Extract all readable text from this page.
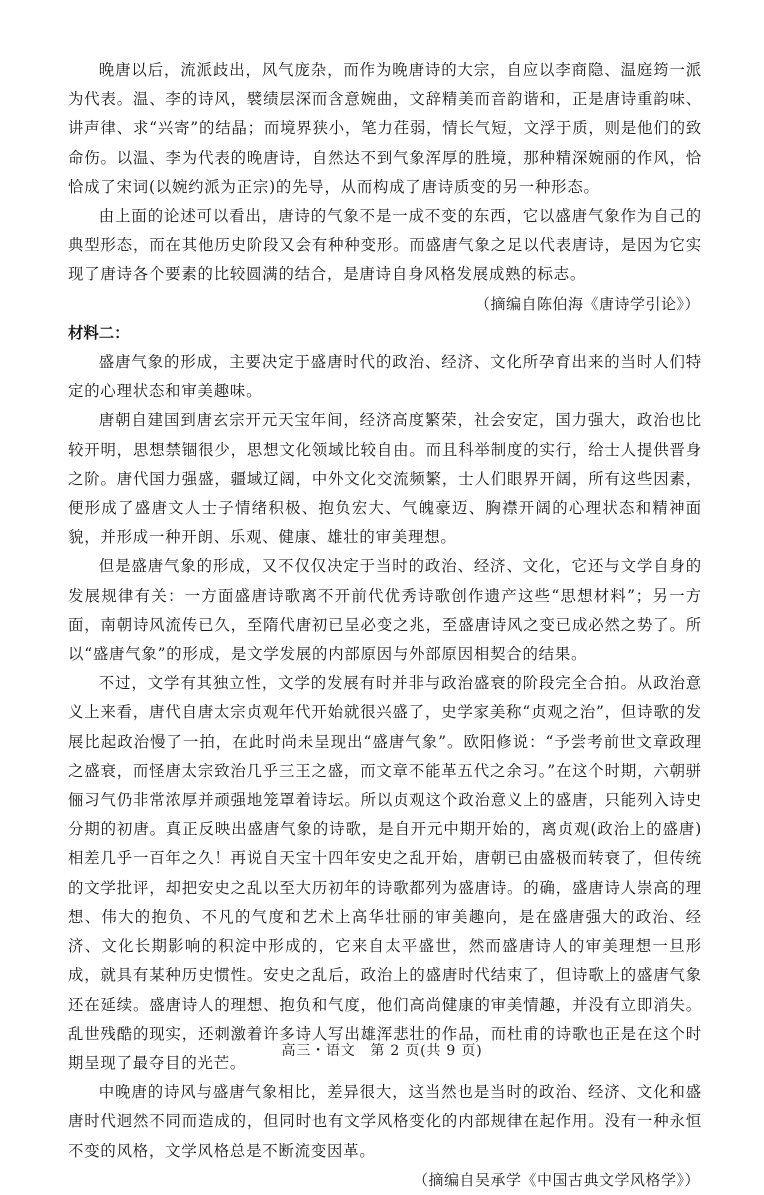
晚唐以后，流派歧出，风气庞杂，而作为晚唐诗的大宗，自应以李商隐、温庭筠一派为代表。温、李的诗风，襞绩层深而含意婉曲，文辞精美而音韵谐和，正是唐诗重韵味、讲声律、求“兴寄”的结晶；而境界狭小，笔力荏弱，情长气短，文浮于质，则是他们的致命伤。以温、李为代表的晚唐诗，自然达不到气象浑厚的胜境，那种精深婉丽的作风，恰恰成了宋词(以婉约派为正宗)的先导，从而构成了唐诗质变的另一种形态。

由上面的论述可以看出，唐诗的气象不是一成不变的东西，它以盛唐气象作为自己的典型形态，而在其他历史阶段又会有种种变形。而盛唐气象之足以代表唐诗，是因为它实现了唐诗各个要素的比较圆满的结合，是唐诗自身风格发展成熟的标志。

（摘编自陈伯海《唐诗学引论》）

材料二：

盛唐气象的形成，主要决定于盛唐时代的政治、经济、文化所孕育出来的当时人们特定的心理状态和审美趣味。

唐朝自建国到唐玄宗开元天宝年间，经济高度繁荣，社会安定，国力强大，政治也比较开明，思想禁锢很少，思想文化领域比较自由。而且科举制度的实行，给士人提供晋身之阶。唐代国力强盛，疆域辽阔，中外文化交流频繁，士人们眼界开阔，所有这些因素，便形成了盛唐文人士子情绪积极、抱负宏大、气魄豪迈、胸襟开阔的心理状态和精神面貌，并形成一种开朗、乐观、健康、雄壮的审美理想。

但是盛唐气象的形成，又不仅仅决定于当时的政治、经济、文化，它还与文学自身的发展规律有关：一方面盛唐诗歌离不开前代优秀诗歌创作遗产这些“思想材料”；另一方面，南朝诗风流传已久，至隋代唐初已呈必变之兆，至盛唐诗风之变已成必然之势了。所以“盛唐气象”的形成，是文学发展的内部原因与外部原因相契合的结果。

不过，文学有其独立性，文学的发展有时并非与政治盛衰的阶段完全合拍。从政治意义上来看，唐代自唐太宗贞观年代开始就很兴盛了，史学家美称“贞观之治”，但诗歌的发展比起政治慢了一拍，在此时尚未呈现出“盛唐气象”。欧阳修说：“予尝考前世文章政理之盛衰，而怪唐太宗致治几乎三王之盛，而文章不能革五代之余习。”在这个时期，六朝骈俪习气仍非常浓厚并顽强地笼罩着诗坛。所以贞观这个政治意义上的盛唐，只能列入诗史分期的初唐。真正反映出盛唐气象的诗歌，是自开元中期开始的，离贞观(政治上的盛唐)相差几乎一百年之久！再说自天宝十四年安史之乱开始，唐朝已由盛极而转衰了，但传统的文学批评，却把安史之乱以至大历初年的诗歌都列为盛唐诗。的确，盛唐诗人崇高的理想、伟大的抱负、不凡的气度和艺术上高华壮丽的审美趣向，是在盛唐强大的政治、经济、文化长期影响的积淀中形成的，它来自太平盛世，然而盛唐诗人的审美理想一旦形成，就具有某种历史惯性。安史之乱后，政治上的盛唐时代结束了，但诗歌上的盛唐气象还在延续。盛唐诗人的理想、抱负和气度，他们高尚健康的审美情趣，并没有立即消失。乱世残酷的现实，还刺激着许多诗人写出雄浑悲壮的作品，而杜甫的诗歌也正是在这个时期呈现了最夺目的光芒。

中晚唐的诗风与盛唐气象相比，差异很大，这当然也是当时的政治、经济、文化和盛唐时代迥然不同而造成的，但同时也有文学风格变化的内部规律在起作用。没有一种永恒不变的风格，文学风格总是不断流变因革。

（摘编自吴承学《中国古典文学风格学》）

高三・语文　第 2 页(共 9 页)
